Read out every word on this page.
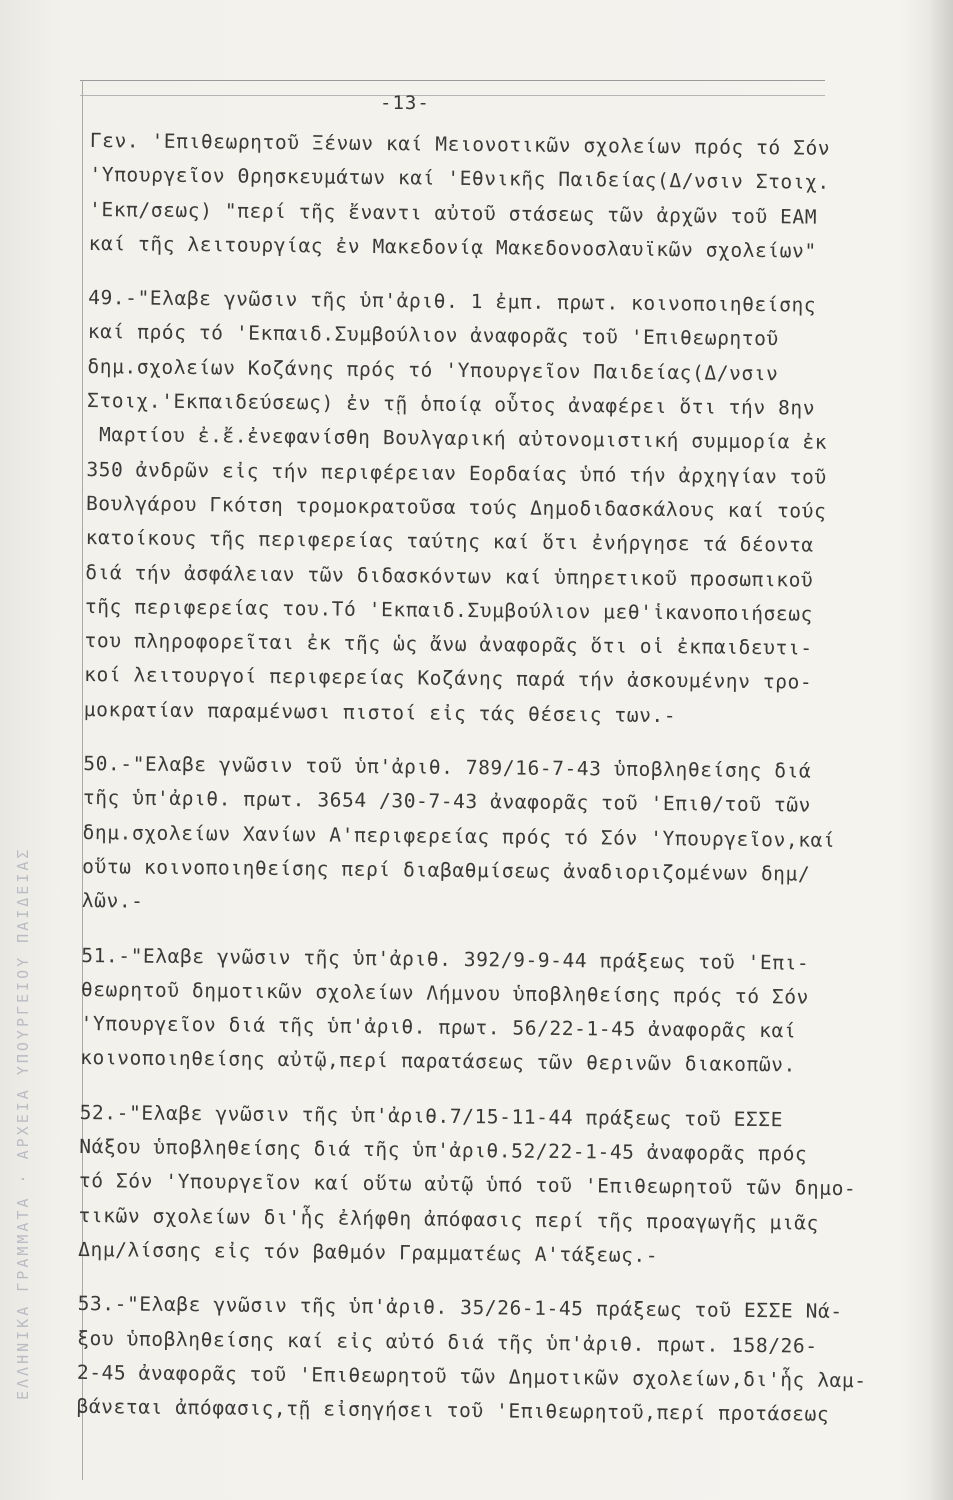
ΕΛΛΗΝΙΚΑ ΓΡΑΜΜΑΤΑ · ΑΡΧΕΙΑ ΥΠΟΥΡΓΕΙΟΥ ΠΑΙΔΕΙΑΣ
-13-
Γεν. 'Επιθεωρητοῦ Ξένων καί Μειονοτικῶν σχολείων πρός τό Σόν
'Υπουργεῖον Θρησκευμάτων καί 'Εθνικῆς Παιδείας(Δ/νσιν Στοιχ.
'Εκπ/σεως) "περί τῆς ἔναντι αὐτοῦ στάσεως τῶν ἀρχῶν τοῦ ΕΑΜ
καί τῆς λειτουργίας ἐν Μακεδονίᾳ Μακεδονοσλαυϊκῶν σχολείων"
49.-"Ελαβε γνῶσιν τῆς ὑπ'ἀριθ. 1 ἐμπ. πρωτ. κοινοποιηθείσης
καί πρός τό 'Εκπαιδ.Συμβούλιον ἀναφορᾶς τοῦ 'Επιθεωρητοῦ
δημ.σχολείων Κοζάνης πρός τό 'Υπουργεῖον Παιδείας(Δ/νσιν
Στοιχ.'Εκπαιδεύσεως) ἐν τῇ ὁποίᾳ οὗτος ἀναφέρει ὅτι τήν 8ην
Μαρτίου ἐ.ἔ.ἐνεφανίσθη Βουλγαρική αὐτονομιστική συμμορία ἐκ
350 ἀνδρῶν εἰς τήν περιφέρειαν Εορδαίας ὑπό τήν ἀρχηγίαν τοῦ
Βουλγάρου Γκότση τρομοκρατοῦσα τούς Δημοδιδασκάλους καί τούς
κατοίκους τῆς περιφερείας ταύτης καί ὅτι ἐνήργησε τά δέοντα
διά τήν ἀσφάλειαν τῶν διδασκόντων καί ὑπηρετικοῦ προσωπικοῦ
τῆς περιφερείας του.Τό 'Εκπαιδ.Συμβούλιον μεθ'ἱκανοποιήσεως
του πληροφορεῖται ἐκ τῆς ὡς ἄνω ἀναφορᾶς ὅτι οἱ ἐκπαιδευτι-
κοί λειτουργοί περιφερείας Κοζάνης παρά τήν ἀσκουμένην τρο-
μοκρατίαν παραμένωσι πιστοί εἰς τάς θέσεις των.-
50.-"Ελαβε γνῶσιν τοῦ ὑπ'ἀριθ. 789/16-7-43 ὑποβληθείσης διά
τῆς ὑπ'ἀριθ. πρωτ. 3654 /30-7-43 ἀναφορᾶς τοῦ 'Επιθ/τοῦ τῶν
δημ.σχολείων Χανίων Α'περιφερείας πρός τό Σόν 'Υπουργεῖον,καί
οὕτω κοινοποιηθείσης περί διαβαθμίσεως ἀναδιοριζομένων δημ/
λῶν.-
51.-"Ελαβε γνῶσιν τῆς ὑπ'ἀριθ. 392/9-9-44 πράξεως τοῦ 'Επι-
θεωρητοῦ δημοτικῶν σχολείων Λήμνου ὑποβληθείσης πρός τό Σόν
'Υπουργεῖον διά τῆς ὑπ'ἀριθ. πρωτ. 56/22-1-45 ἀναφορᾶς καί
κοινοποιηθείσης αὐτῷ,περί παρατάσεως τῶν θερινῶν διακοπῶν.
52.-"Ελαβε γνῶσιν τῆς ὑπ'ἀριθ.7/15-11-44 πράξεως τοῦ ΕΣΣΕ
Νάξου ὑποβληθείσης διά τῆς ὑπ'ἀριθ.52/22-1-45 ἀναφορᾶς πρός
τό Σόν 'Υπουργεῖον καί οὕτω αὐτῷ ὑπό τοῦ 'Επιθεωρητοῦ τῶν δημο-
τικῶν σχολείων δι'ἧς ἐλήφθη ἀπόφασις περί τῆς προαγωγῆς μιᾶς
Δημ/λίσσης εἰς τόν βαθμόν Γραμματέως Α'τάξεως.-
53.-"Ελαβε γνῶσιν τῆς ὑπ'ἀριθ. 35/26-1-45 πράξεως τοῦ ΕΣΣΕ Νά-
ξου ὑποβληθείσης καί εἰς αὐτό διά τῆς ὑπ'ἀριθ. πρωτ. 158/26-
2-45 ἀναφορᾶς τοῦ 'Επιθεωρητοῦ τῶν Δημοτικῶν σχολείων,δι'ἧς λαμ-
βάνεται ἀπόφασις,τῇ εἰσηγήσει τοῦ 'Επιθεωρητοῦ,περί προτάσεως
